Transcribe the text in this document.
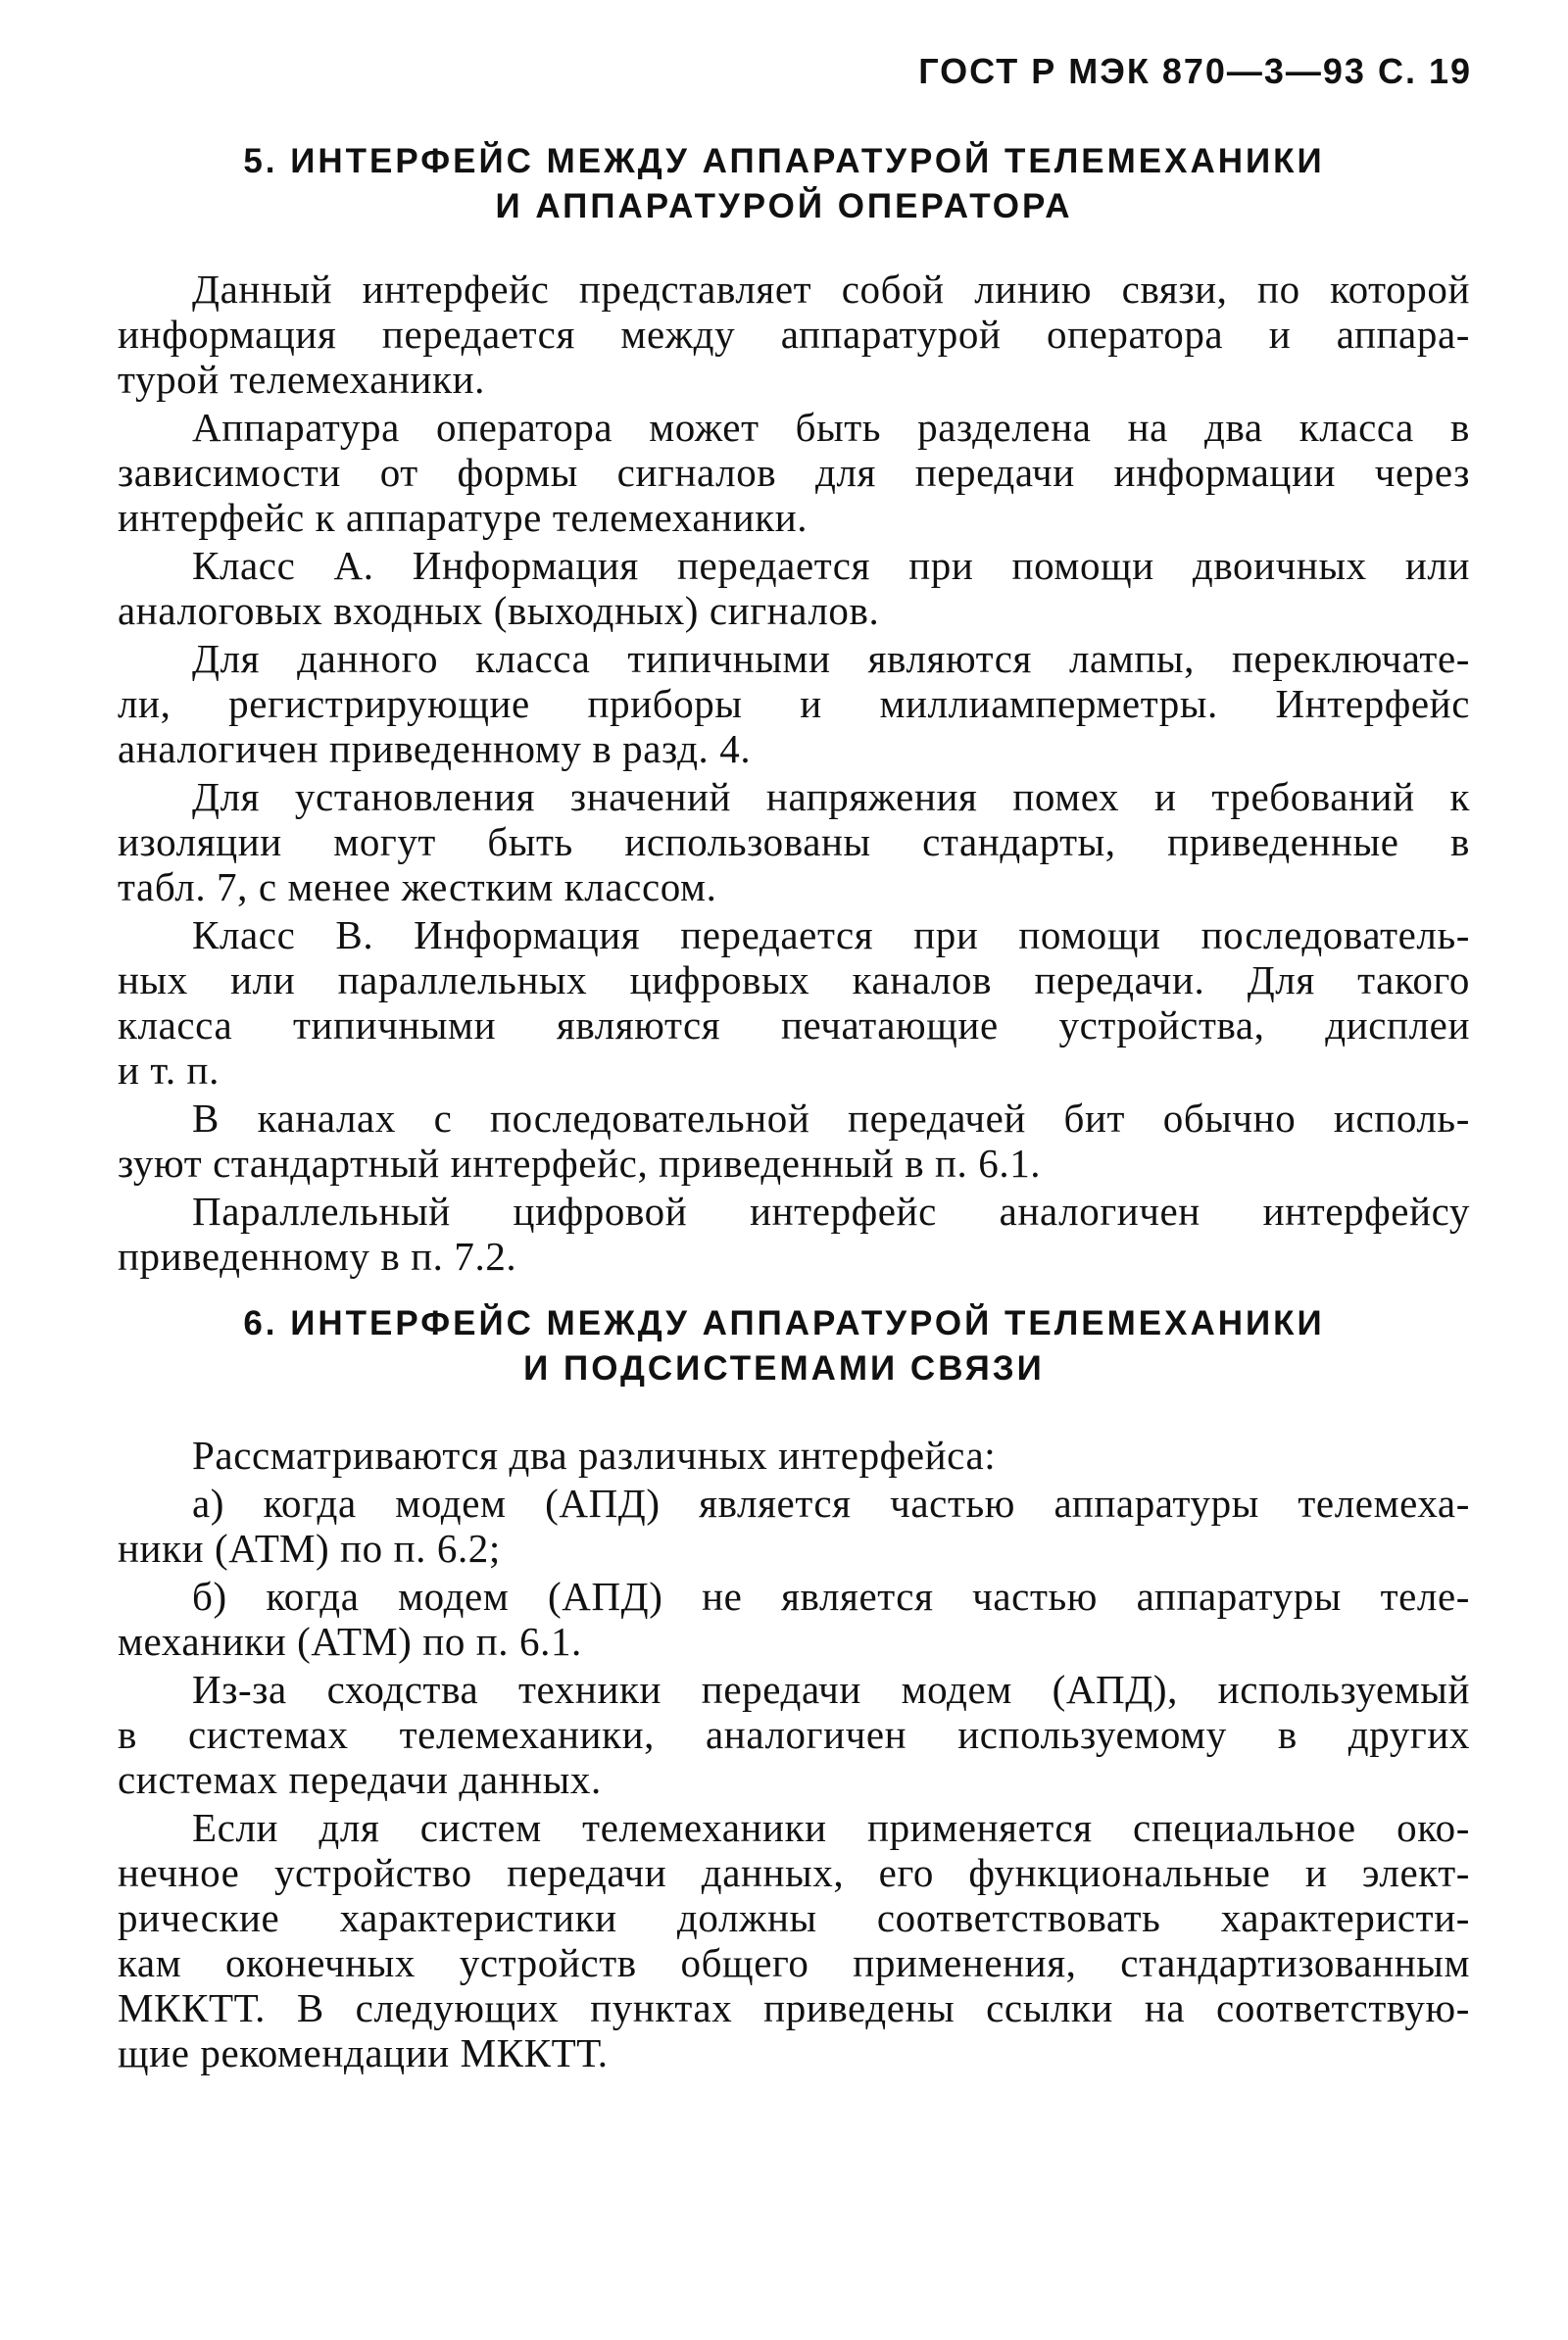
ГОСТ Р МЭК 870—3—93 С. 19
5. ИНТЕРФЕЙС МЕЖДУ АППАРАТУРОЙ ТЕЛЕМЕХАНИКИ
И АППАРАТУРОЙ ОПЕРАТОРА
Данный интерфейс представляет собой линию связи, по которой
информация передается между аппаратурой оператора и аппара-
турой телемеханики.
Аппаратура оператора может быть разделена на два класса в
зависимости от формы сигналов для передачи информации через
интерфейс к аппаратуре телемеханики.
Класс А. Информация передается при помощи двоичных или
аналоговых входных (выходных) сигналов.
Для данного класса типичными являются лампы, переключате-
ли, регистрирующие приборы и миллиамперметры. Интерфейс
аналогичен приведенному в разд. 4.
Для установления значений напряжения помех и требований к
изоляции могут быть использованы стандарты, приведенные в
табл. 7, с менее жестким классом.
Класс В. Информация передается при помощи последователь-
ных или параллельных цифровых каналов передачи. Для такого
класса типичными являются печатающие устройства, дисплеи
и т. п.
В каналах с последовательной передачей бит обычно исполь-
зуют стандартный интерфейс, приведенный в п. 6.1.
Параллельный цифровой интерфейс аналогичен интерфейсу
приведенному в п. 7.2.
6. ИНТЕРФЕЙС МЕЖДУ АППАРАТУРОЙ ТЕЛЕМЕХАНИКИ
И ПОДСИСТЕМАМИ СВЯЗИ
Рассматриваются два различных интерфейса:
а) когда модем (АПД) является частью аппаратуры телемеха-
ники (АТМ) по п. 6.2;
б) когда модем (АПД) не является частью аппаратуры теле-
механики (АТМ) по п. 6.1.
Из-за сходства техники передачи модем (АПД), используемый
в системах телемеханики, аналогичен используемому в других
системах передачи данных.
Если для систем телемеханики применяется специальное око-
нечное устройство передачи данных, его функциональные и элект-
рические характеристики должны соответствовать характеристи-
кам оконечных устройств общего применения, стандартизованным
МККТТ. В следующих пунктах приведены ссылки на соответствую-
щие рекомендации МККТТ.
